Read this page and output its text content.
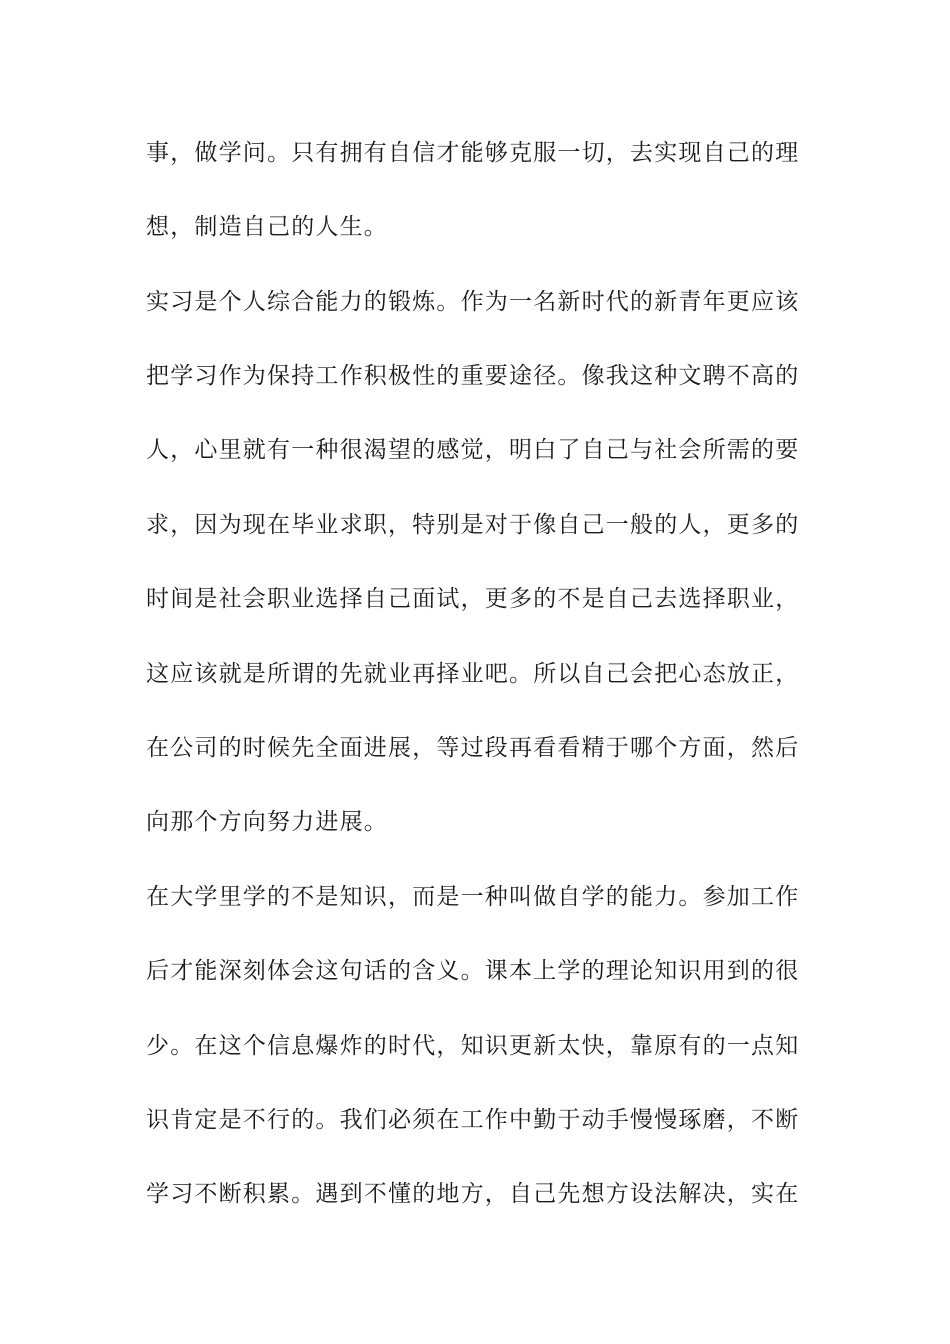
事，做学问。只有拥有自信才能够克服一切，去实现自己的理
想，制造自己的人生。
实习是个人综合能力的锻炼。作为一名新时代的新青年更应该
把学习作为保持工作积极性的重要途径。像我这种文聘不高的
人，心里就有一种很渴望的感觉，明白了自己与社会所需的要
求，因为现在毕业求职，特别是对于像自己一般的人，更多的
时间是社会职业选择自己面试，更多的不是自己去选择职业，
这应该就是所谓的先就业再择业吧。所以自己会把心态放正，
在公司的时候先全面进展，等过段再看看精于哪个方面，然后
向那个方向努力进展。
在大学里学的不是知识，而是一种叫做自学的能力。参加工作
后才能深刻体会这句话的含义。课本上学的理论知识用到的很
少。在这个信息爆炸的时代，知识更新太快，靠原有的一点知
识肯定是不行的。我们必须在工作中勤于动手慢慢琢磨，不断
学习不断积累。遇到不懂的地方，自己先想方设法解决，实在
